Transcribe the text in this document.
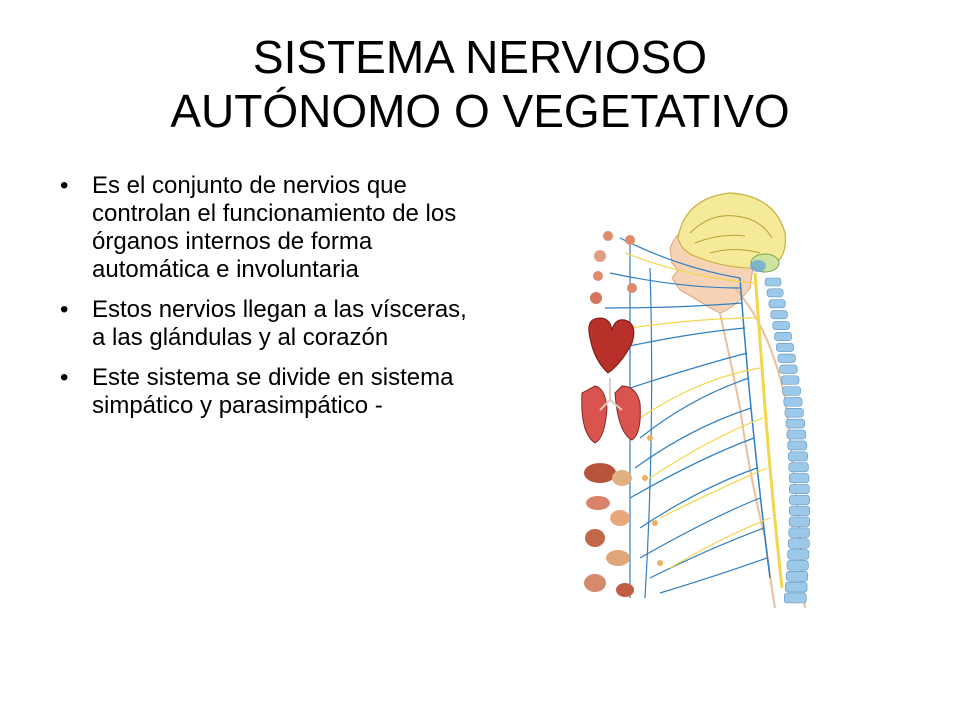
SISTEMA NERVIOSO
AUTÓNOMO O VEGETATIVO
• Es el conjunto de nervios que controlan el funcionamiento de los órganos internos de forma automática e involuntaria
• Estos nervios llegan a las vísceras, a las glándulas y al corazón
• Este sistema se divide en sistema simpático y parasimpático -
